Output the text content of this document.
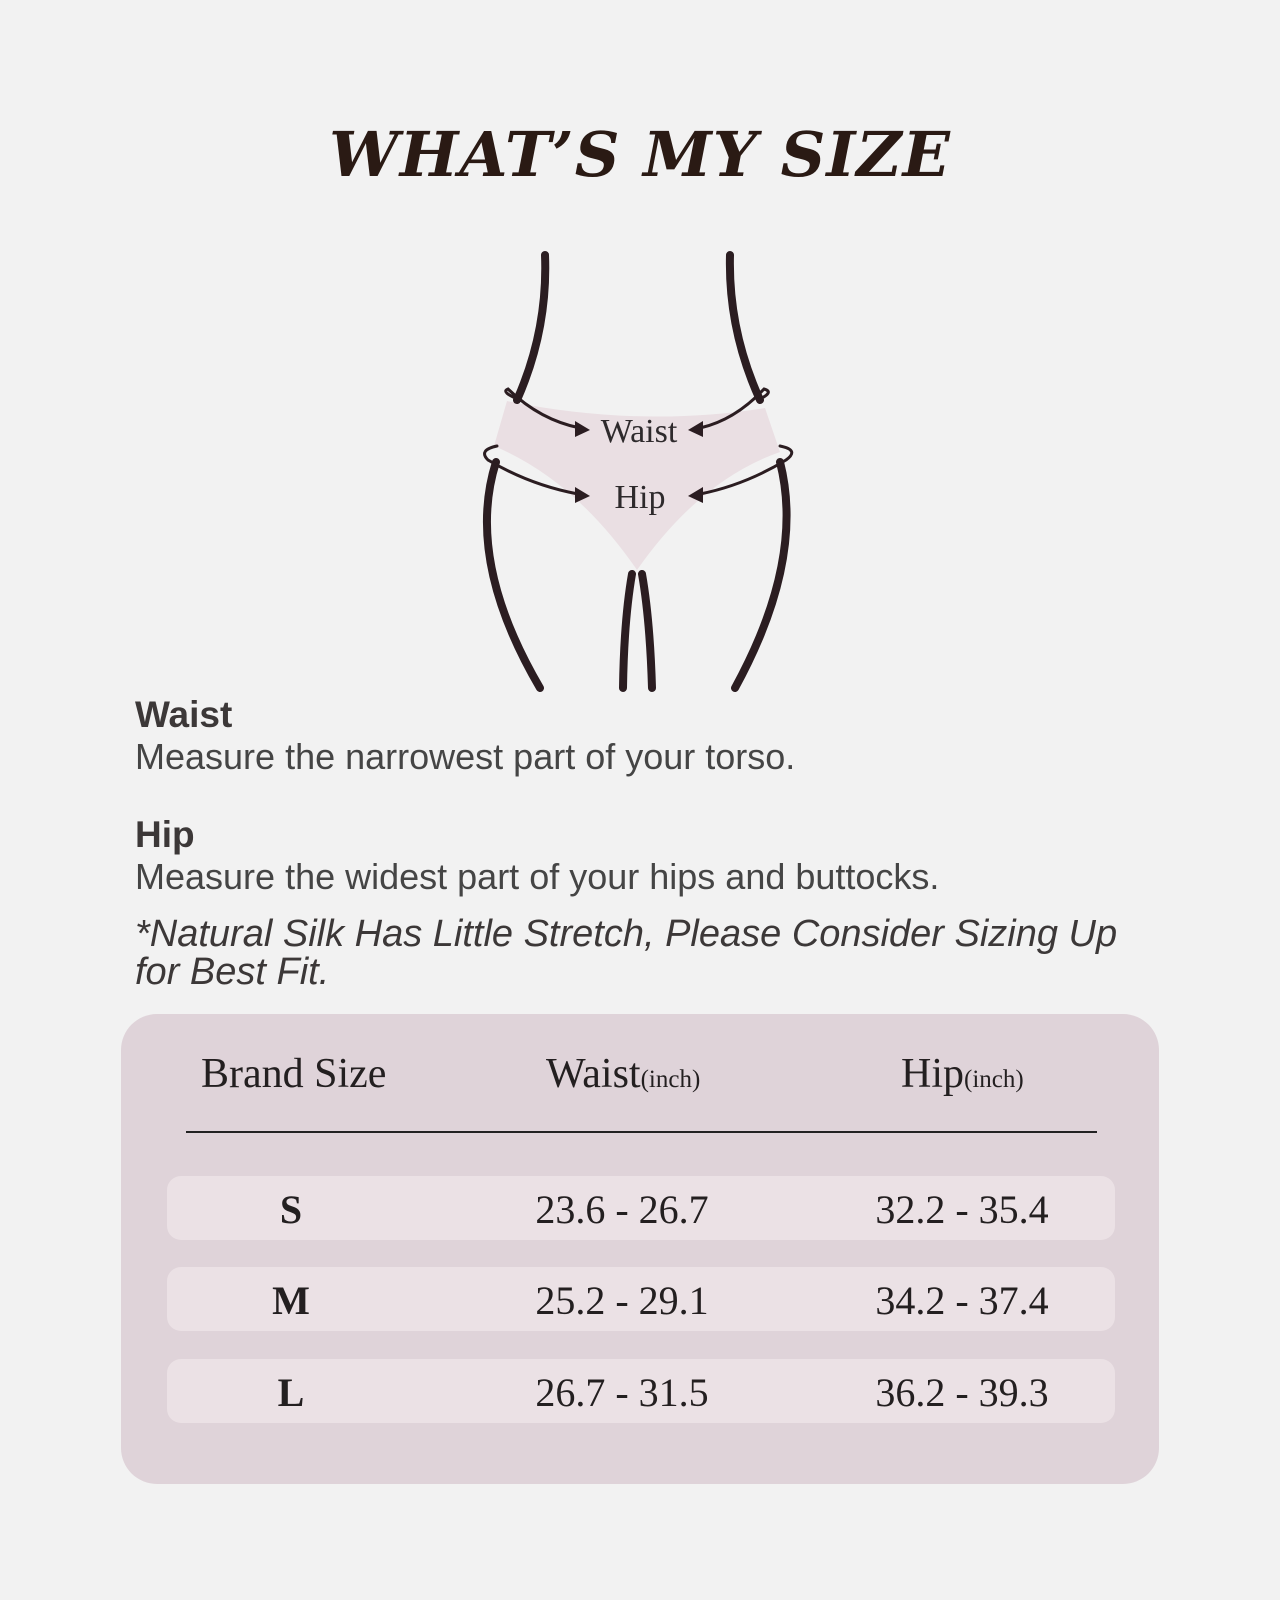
WHAT’S MY SIZE
Waist
Hip
Waist
Measure the narrowest part of your torso.
Hip
Measure the widest part of your hips and buttocks.
*Natural Silk Has Little Stretch, Please Consider Sizing Up for Best Fit.
Brand Size	Waist(inch)	Hip(inch)
S	23.6 - 26.7	32.2 - 35.4
M	25.2 - 29.1	34.2 - 37.4
L	26.7 - 31.5	36.2 - 39.3
